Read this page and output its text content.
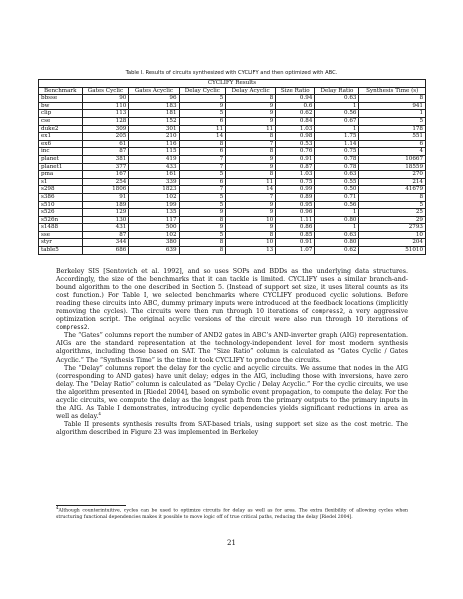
Table I. Results of circuits synthesized with CYCLIFY and then optimized with ABC.
CYCLIFY Results							
Benchmark	Gates Cyclic	Gates Acyclic	Delay Cyclic	Delay Acyclic	Size Ratio	Delay Ratio	Synthesis Time (s)
bbsse	90	96	5	8	0.94	0.63	8
bw	110	183	9	9	0.6	1	941
clip	113	181	5	9	0.62	0.56	1
cse	128	152	6	9	0.84	0.67	5
duke2	309	301	11	11	1.03	1	178
ex1	205	210	14	8	0.98	1.75	551
ex6	61	116	8	7	0.53	1.14	6
inc	87	115	6	8	0.76	0.75	4
planet	381	419	7	9	0.91	0.78	10667
planet1	377	433	7	9	0.87	0.78	18559
pma	167	161	5	8	1.03	0.63	270
s1	254	339	6	11	0.75	0.55	214
s298	1806	1823	7	14	0.99	0.50	41679
s386	91	102	5	7	0.89	0.71	8
s510	189	199	5	9	0.95	0.56	5
s526	129	135	9	9	0.96	1	25
s526n	130	117	8	10	1.11	0.80	29
s1488	431	500	9	9	0.86	1	2793
sse	87	102	5	8	0.85	0.63	10
styr	344	380	8	10	0.91	0.80	204
table5	686	639	8	13	1.07	0.62	51010

Berkeley SIS [Sentovich et al. 1992], and so uses SOPs and BDDs as the underlying data structures. Accordingly, the size of the benchmarks that it can tackle is limited. CYCLIFY uses a similar branch-and-bound algorithm to the one described in Section 5. (Instead of support set size, it uses literal counts as its cost function.) For Table I, we selected benchmarks where CYCLIFY produced cyclic solutions. Before reading these circuits into ABC, dummy primary inputs were introduced at the feedback locations (implicitly removing the cycles). The circuits were then run through 10 iterations of compress2, a very aggressive optimization script. The original acyclic versions of the circuit were also run through 10 iterations of compress2.

The “Gates” columns report the number of AND2 gates in ABC’s AND-inverter graph (AIG) representation. AIGs are the standard representation at the technology-independent level for most modern synthesis algorithms, including those based on SAT. The “Size Ratio” column is calculated as “Gates Cyclic / Gates Acyclic.” The “Synthesis Time” is the time it took CYCLIFY to produce the circuits.

The “Delay” columns report the delay for the cyclic and acyclic circuits. We assume that nodes in the AIG (corresponding to AND gates) have unit delay; edges in the AIG, including those with inversions, have zero delay. The “Delay Ratio” column is calculated as “Delay Cyclic / Delay Acyclic.” For the cyclic circuits, we use the algorithm presented in [Riedel 2004], based on symbolic event propagation, to compute the delay. For the acyclic circuits, we compute the delay as the longest path from the primary outputs to the primary inputs in the AIG. As Table I demonstrates, introducing cyclic dependencies yields significant reductions in area as well as delay.$^4$

Table II presents synthesis results from SAT-based trials, using support set size as the cost metric. The algorithm described in Figure 23 was implemented in Berkeley

4Although counterintuitive, cycles can be used to optimize circuits for delay as well as for area. The extra flexibility of allowing cycles when structuring functional dependencies makes it possible to move logic off of true critical paths, reducing the delay [Riedel 2004].
21
